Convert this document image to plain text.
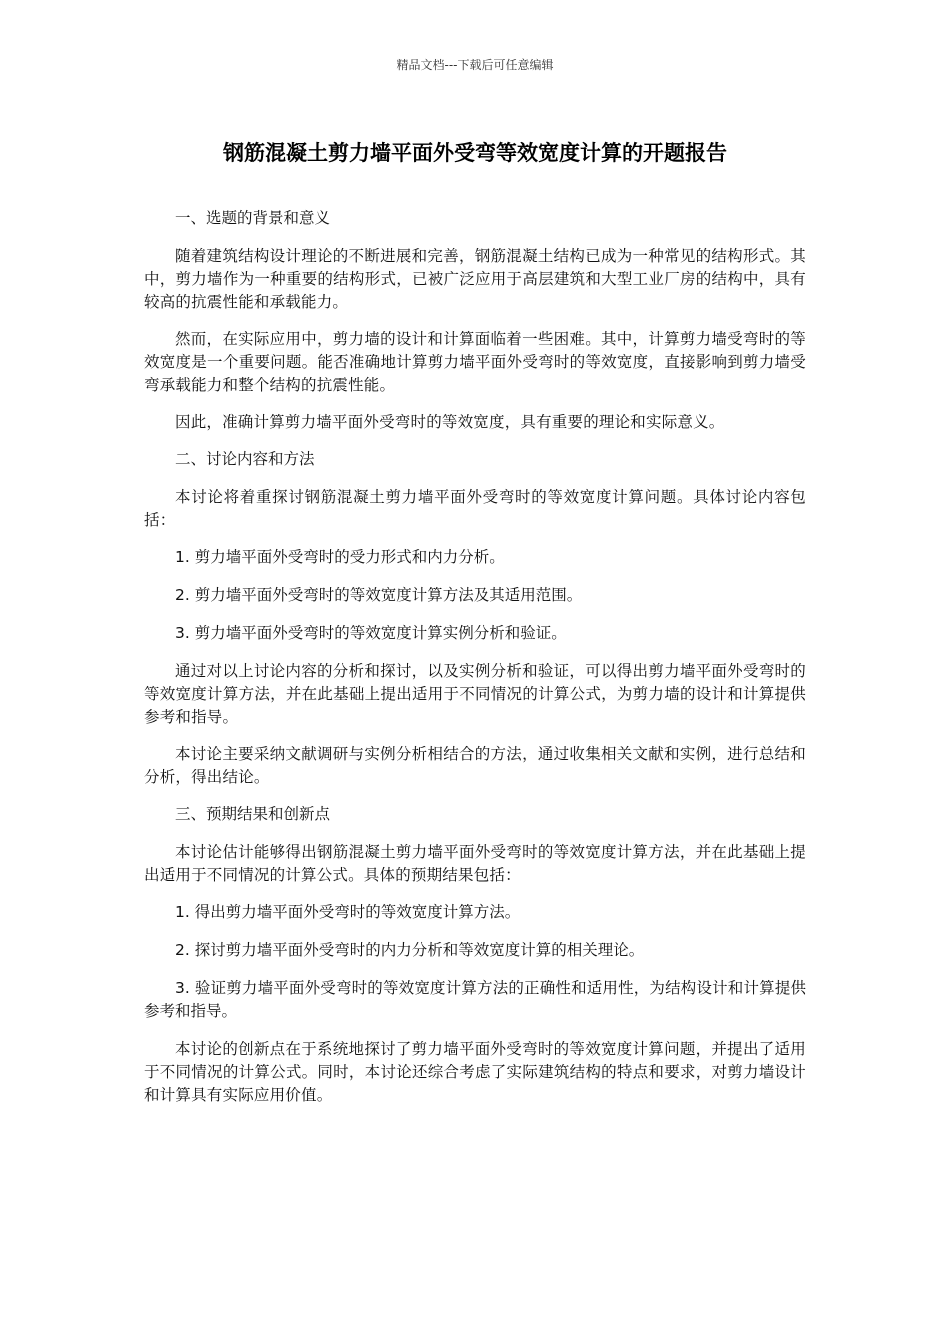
精品文档---下载后可任意编辑
钢筋混凝土剪力墙平面外受弯等效宽度计算的开题报告
一、选题的背景和意义

随着建筑结构设计理论的不断进展和完善，钢筋混凝土结构已成为一种常见的结构形式。其中，剪力墙作为一种重要的结构形式，已被广泛应用于高层建筑和大型工业厂房的结构中，具有较高的抗震性能和承载能力。

然而，在实际应用中，剪力墙的设计和计算面临着一些困难。其中，计算剪力墙受弯时的等效宽度是一个重要问题。能否准确地计算剪力墙平面外受弯时的等效宽度，直接影响到剪力墙受弯承载能力和整个结构的抗震性能。

因此，准确计算剪力墙平面外受弯时的等效宽度，具有重要的理论和实际意义。

二、讨论内容和方法

本讨论将着重探讨钢筋混凝土剪力墙平面外受弯时的等效宽度计算问题。具体讨论内容包括：

1. 剪力墙平面外受弯时的受力形式和内力分析。
2. 剪力墙平面外受弯时的等效宽度计算方法及其适用范围。
3. 剪力墙平面外受弯时的等效宽度计算实例分析和验证。

通过对以上讨论内容的分析和探讨，以及实例分析和验证，可以得出剪力墙平面外受弯时的等效宽度计算方法，并在此基础上提出适用于不同情况的计算公式，为剪力墙的设计和计算提供参考和指导。

本讨论主要采纳文献调研与实例分析相结合的方法，通过收集相关文献和实例，进行总结和分析，得出结论。

三、预期结果和创新点

本讨论估计能够得出钢筋混凝土剪力墙平面外受弯时的等效宽度计算方法，并在此基础上提出适用于不同情况的计算公式。具体的预期结果包括：

1. 得出剪力墙平面外受弯时的等效宽度计算方法。
2. 探讨剪力墙平面外受弯时的内力分析和等效宽度计算的相关理论。
3. 验证剪力墙平面外受弯时的等效宽度计算方法的正确性和适用性，为结构设计和计算提供参考和指导。

本讨论的创新点在于系统地探讨了剪力墙平面外受弯时的等效宽度计算问题，并提出了适用于不同情况的计算公式。同时，本讨论还综合考虑了实际建筑结构的特点和要求，对剪力墙设计和计算具有实际应用价值。
